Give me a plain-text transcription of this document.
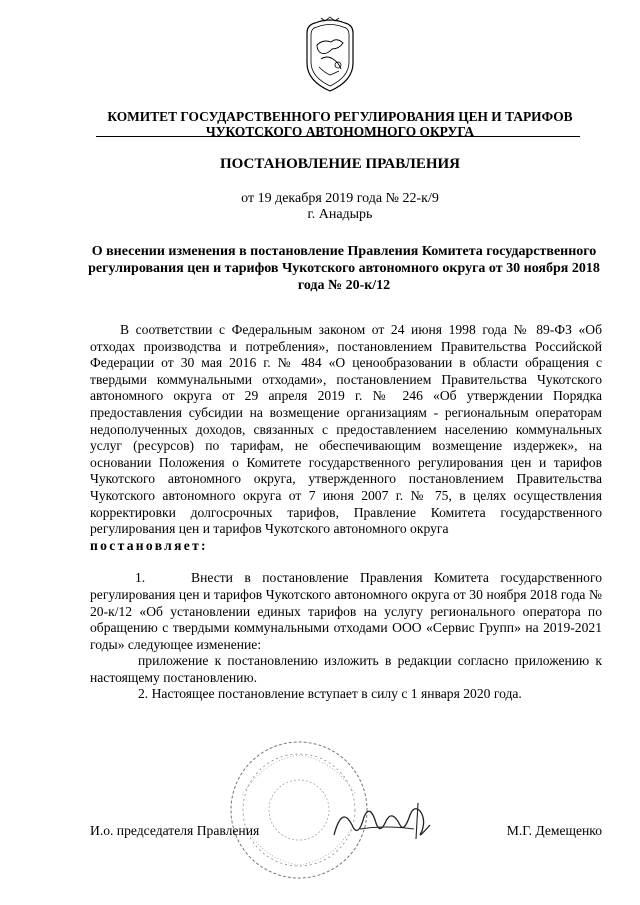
КОМИТЕТ ГОСУДАРСТВЕННОГО РЕГУЛИРОВАНИЯ ЦЕН И ТАРИФОВ
ЧУКОТСКОГО АВТОНОМНОГО ОКРУГА
ПОСТАНОВЛЕНИЕ ПРАВЛЕНИЯ
от 19 декабря 2019 года № 22-к/9
г. Анадырь
О внесении изменения в постановление Правления Комитета государственного регулирования цен и тарифов Чукотского автономного округа от 30 ноября 2018 года № 20-к/12

В соответствии с Федеральным законом от 24 июня 1998 года № 89-ФЗ «Об отходах производства и потребления», постановлением Правительства Российской Федерации от 30 мая 2016 г. № 484 «О ценообразовании в области обращения с твердыми коммунальными отходами», постановлением Правительства Чукотского автономного округа от 29 апреля 2019 г. № 246 «Об утверждении Порядка предоставления субсидии на возмещение организациям - региональным операторам недополученных доходов, связанных с предоставлением населению коммунальных услуг (ресурсов) по тарифам, не обеспечивающим возмещение издержек», на основании Положения о Комитете государственного регулирования цен и тарифов Чукотского автономного округа, утвержденного постановлением Правительства Чукотского автономного округа от 7 июня 2007 г. № 75, в целях осуществления корректировки долгосрочных тарифов, Правление Комитета государственного регулирования цен и тарифов Чукотского автономного округа

постановляет:

1.    Внести в постановление Правления Комитета государственного регулирования цен и тарифов Чукотского автономного округа от 30 ноября 2018 года № 20-к/12 «Об установлении единых тарифов на услугу регионального оператора по обращению с твердыми коммунальными отходами ООО «Сервис Групп» на 2019-2021 годы» следующее изменение:

приложение к постановлению изложить в редакции согласно приложению к настоящему постановлению.

2. Настоящее постановление вступает в силу с 1 января 2020 года.

И.о. председателя Правления	М.Г. Демещенко
